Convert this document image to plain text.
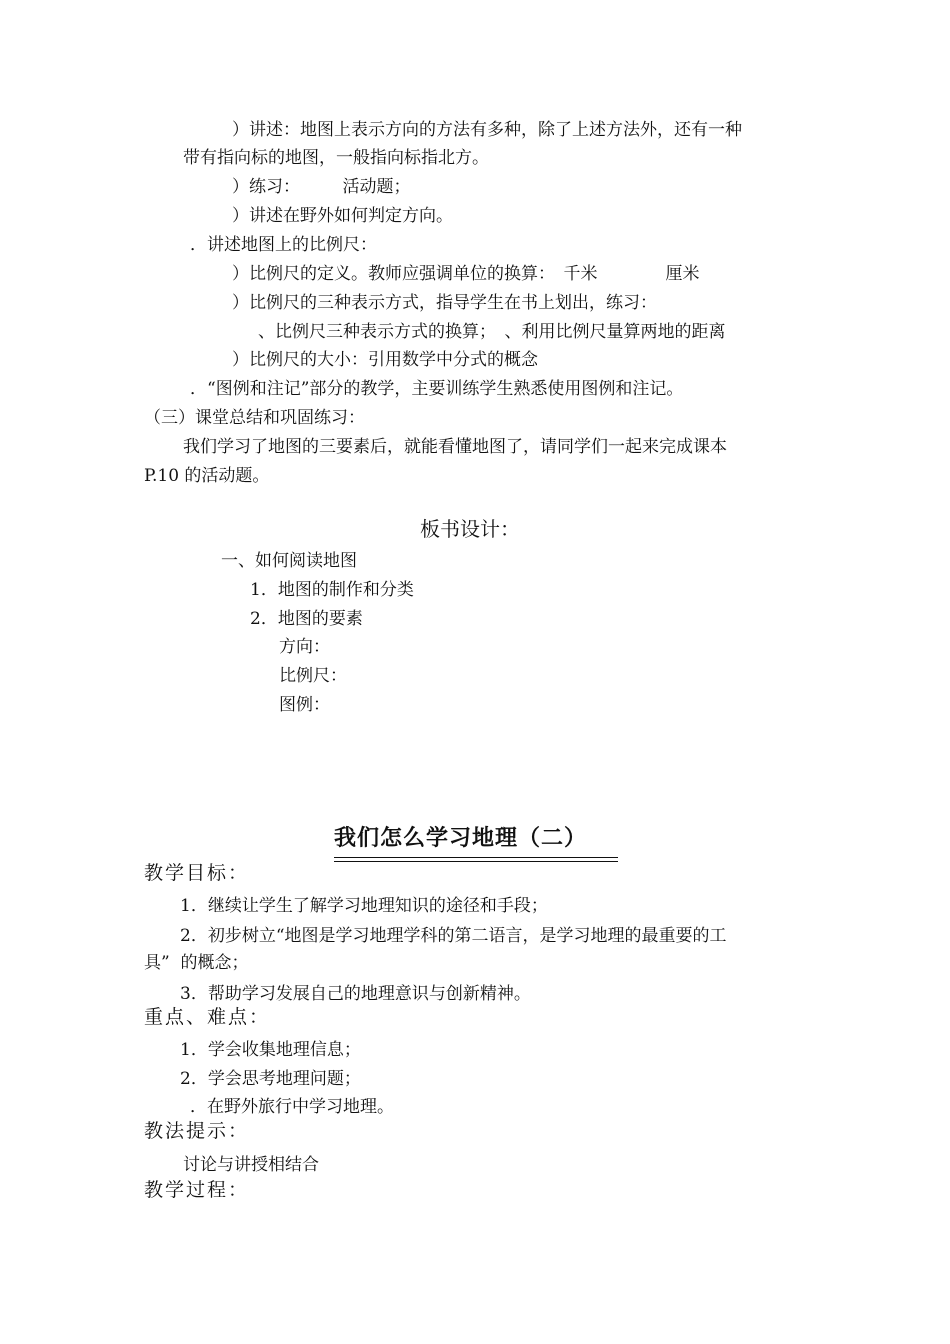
）讲述：地图上表示方向的方法有多种，除了上述方法外，还有一种
带有指向标的地图，一般指向标指北方。
）练习：　　　活动题；
）讲述在野外如何判定方向。
．讲述地图上的比例尺：
）比例尺的定义。教师应强调单位的换算：　千米　　　　厘米
）比例尺的三种表示方式，指导学生在书上划出，练习：
、比例尺三种表示方式的换算；　、利用比例尺量算两地的距离
）比例尺的大小：引用数学中分式的概念
．“图例和注记”部分的教学，主要训练学生熟悉使用图例和注记。
（三）课堂总结和巩固练习：
我们学习了地图的三要素后，就能看懂地图了，请同学们一起来完成课本
P.10 的活动题。
板书设计：
一、如何阅读地图
1．地图的制作和分类
2．地图的要素
方向：
比例尺：
图例：
我们怎么学习地理（二）
教学目标：
1．继续让学生了解学习地理知识的途径和手段；
2．初步树立“地图是学习地理学科的第二语言，是学习地理的最重要的工
具”  的概念；
3．帮助学习发展自己的地理意识与创新精神。
重点、难点：
1．学会收集地理信息；
2．学会思考地理问题；
．在野外旅行中学习地理。
教法提示：
讨论与讲授相结合
教学过程：
